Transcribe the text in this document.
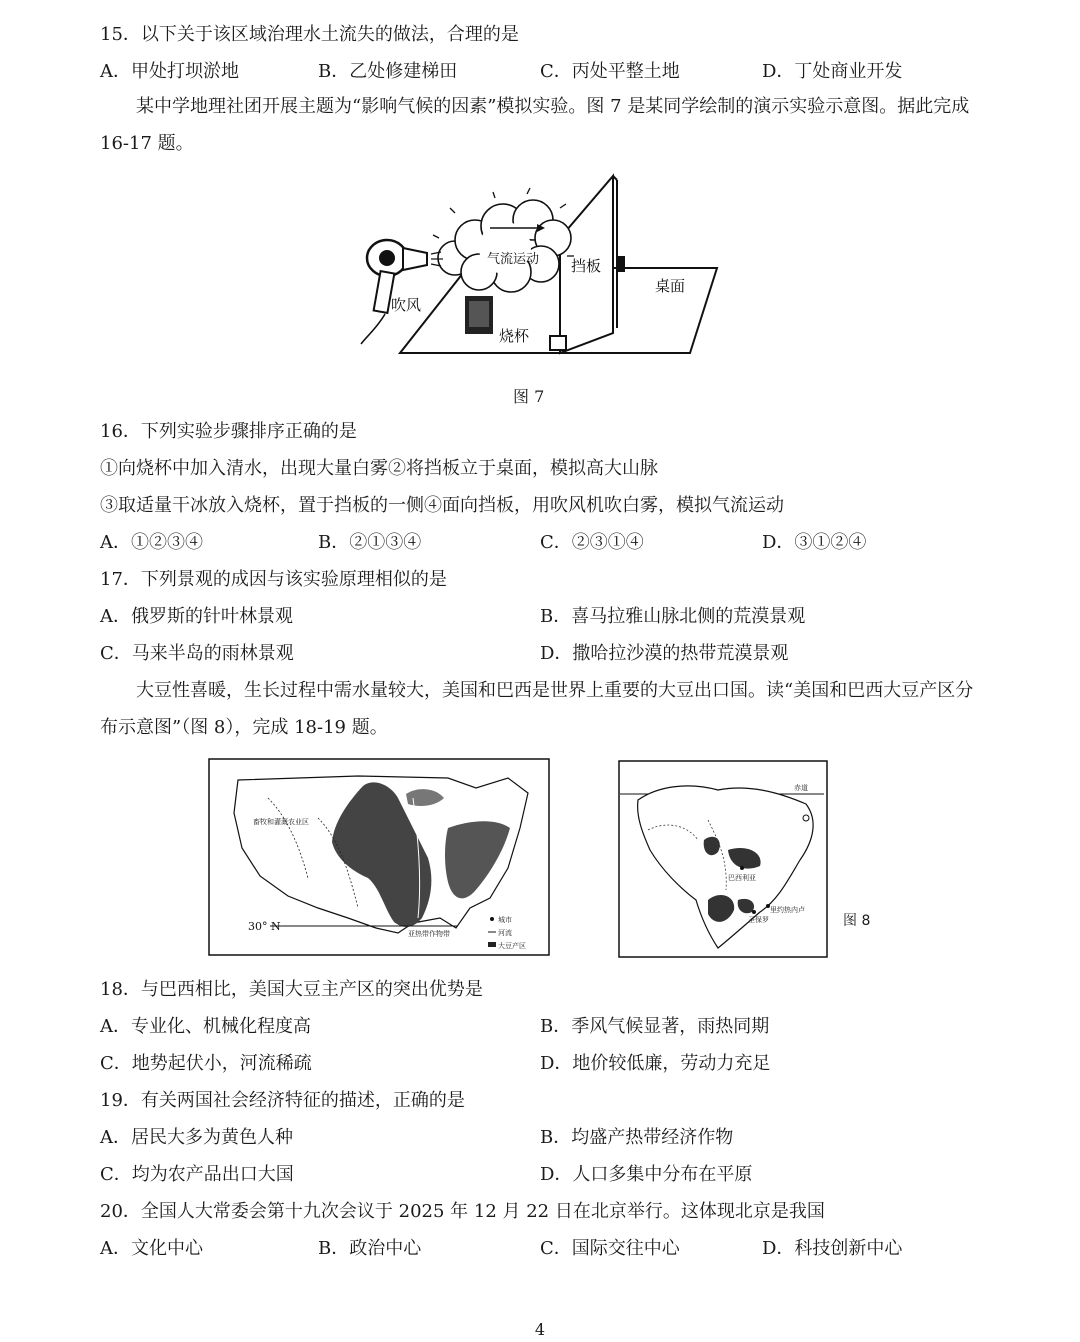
15．以下关于该区域治理水土流失的做法，合理的是
A．甲处打坝淤地	B．乙处修建梯田	C．丙处平整土地	D．丁处商业开发
某中学地理社团开展主题为“影响气候的因素”模拟实验。图 7 是某同学绘制的演示实验示意图。据此完成 16-17 题。
气流运动 挡板
桌面
吹风
烧杯
图 7
16．下列实验步骤排序正确的是
①向烧杯中加入清水，出现大量白雾②将挡板立于桌面，模拟高大山脉
③取适量干冰放入烧杯，置于挡板的一侧④面向挡板，用吹风机吹白雾，模拟气流运动
A．①②③④	B．②①③④	C．②③①④	D．③①②④
17．下列景观的成因与该实验原理相似的是
A．俄罗斯的针叶林景观	B．喜马拉雅山脉北侧的荒漠景观
C．马来半岛的雨林景观	D．撒哈拉沙漠的热带荒漠景观
大豆性喜暖，生长过程中需水量较大，美国和巴西是世界上重要的大豆出口国。读“美国和巴西大豆产区分布示意图”（图 8），完成 18-19 题。
30° N
畜牧和灌溉农业区
亚热带作物带
城市
河流
大豆产区
赤道
巴西利亚
里约热内卢
圣保罗	图 8
18．与巴西相比，美国大豆主产区的突出优势是
A．专业化、机械化程度高	B．季风气候显著，雨热同期
C．地势起伏小，河流稀疏	D．地价较低廉，劳动力充足
19．有关两国社会经济特征的描述，正确的是
A．居民大多为黄色人种	B．均盛产热带经济作物
C．均为农产品出口大国	D．人口多集中分布在平原
20．全国人大常委会第十九次会议于 2025 年 12 月 22 日在北京举行。这体现北京是我国
A．文化中心	B．政治中心	C．国际交往中心	D．科技创新中心
4
